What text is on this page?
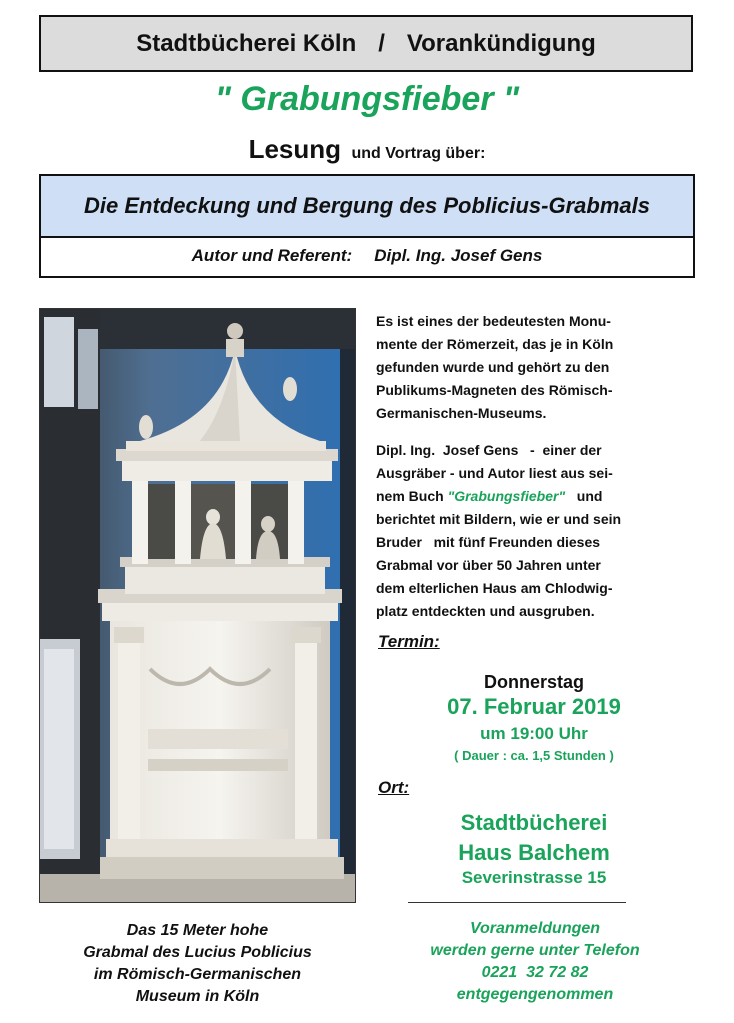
Stadtbücherei Köln / Vorankündigung
" Grabungsfieber "
Lesung und Vortrag über:
Die Entdeckung und Bergung des Poblicius-Grabmals
Autor und Referent: Dipl. Ing. Josef Gens
Das 15 Meter hohe
Grabmal des Lucius Poblicius
im Römisch-Germanischen
Museum in Köln

Es ist eines der bedeutesten Monu-
mente der Römerzeit, das je in Köln
gefunden wurde und gehört zu den
Publikums-Magneten des Römisch-
Germanischen-Museums.

Dipl. Ing.  Josef Gens   -  einer der
Ausgräber - und Autor liest aus sei-
nem Buch "Grabungsfieber"   und
berichtet mit Bildern, wie er und sein
Bruder   mit fünf Freunden dieses
Grabmal vor über 50 Jahren unter
dem elterlichen Haus am Chlodwig-
platz entdeckten und ausgruben.

Termin:
Donnerstag
07. Februar 2019
um 19:00 Uhr
( Dauer : ca. 1,5 Stunden )
Ort:
Stadtbücherei
Haus Balchem
Severinstrasse 15
Voranmeldungen
werden gerne unter Telefon
0221  32 72 82
entgegengenommen
